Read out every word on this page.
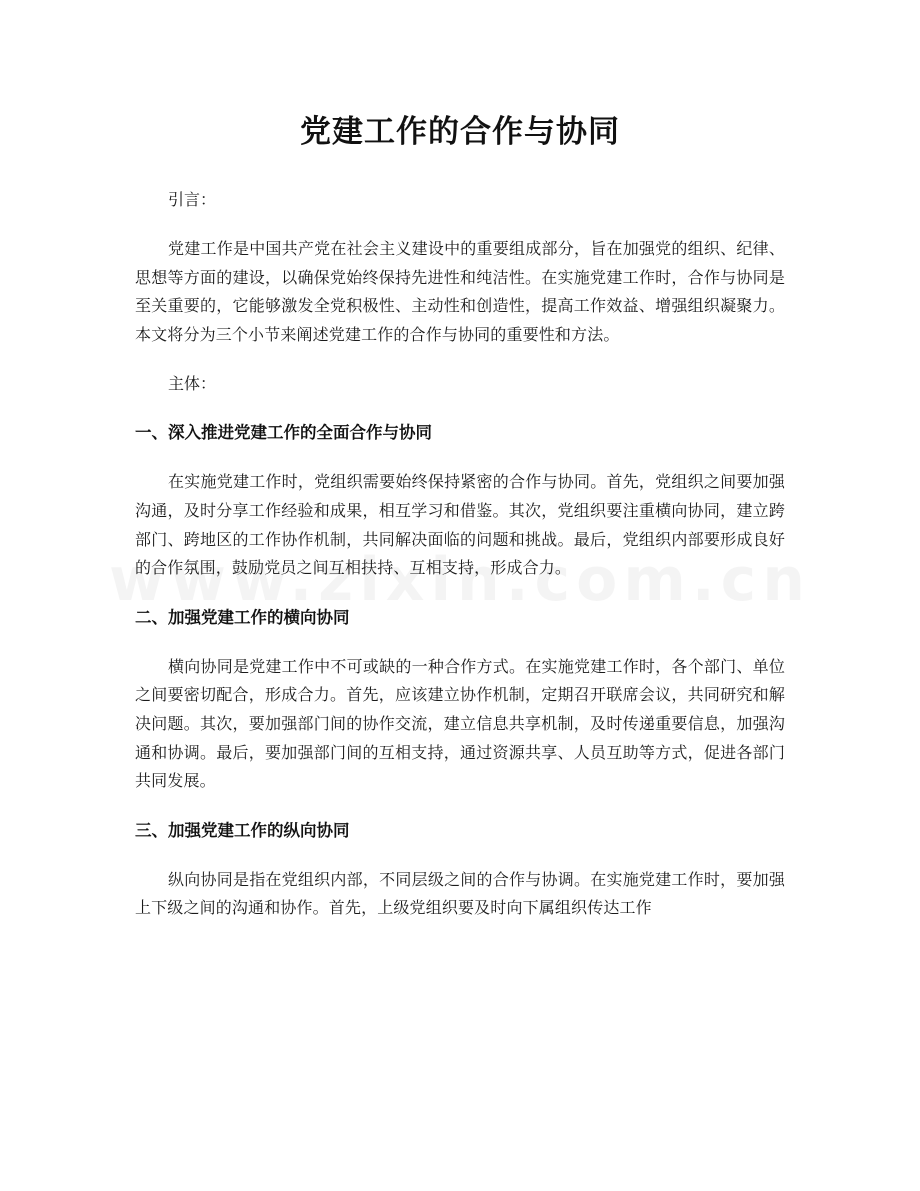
党建工作的合作与协同

引言：

党建工作是中国共产党在社会主义建设中的重要组成部分，旨在加强党的组织、纪律、思想等方面的建设，以确保党始终保持先进性和纯洁性。在实施党建工作时，合作与协同是至关重要的，它能够激发全党积极性、主动性和创造性，提高工作效益、增强组织凝聚力。本文将分为三个小节来阐述党建工作的合作与协同的重要性和方法。

主体：

一、深入推进党建工作的全面合作与协同

在实施党建工作时，党组织需要始终保持紧密的合作与协同。首先，党组织之间要加强沟通，及时分享工作经验和成果，相互学习和借鉴。其次，党组织要注重横向协同，建立跨部门、跨地区的工作协作机制，共同解决面临的问题和挑战。最后，党组织内部要形成良好的合作氛围，鼓励党员之间互相扶持、互相支持，形成合力。

二、加强党建工作的横向协同

横向协同是党建工作中不可或缺的一种合作方式。在实施党建工作时，各个部门、单位之间要密切配合，形成合力。首先，应该建立协作机制，定期召开联席会议，共同研究和解决问题。其次，要加强部门间的协作交流，建立信息共享机制，及时传递重要信息，加强沟通和协调。最后，要加强部门间的互相支持，通过资源共享、人员互助等方式，促进各部门共同发展。

三、加强党建工作的纵向协同

纵向协同是指在党组织内部，不同层级之间的合作与协调。在实施党建工作时，要加强上下级之间的沟通和协作。首先，上级党组织要及时向下属组织传达工作
